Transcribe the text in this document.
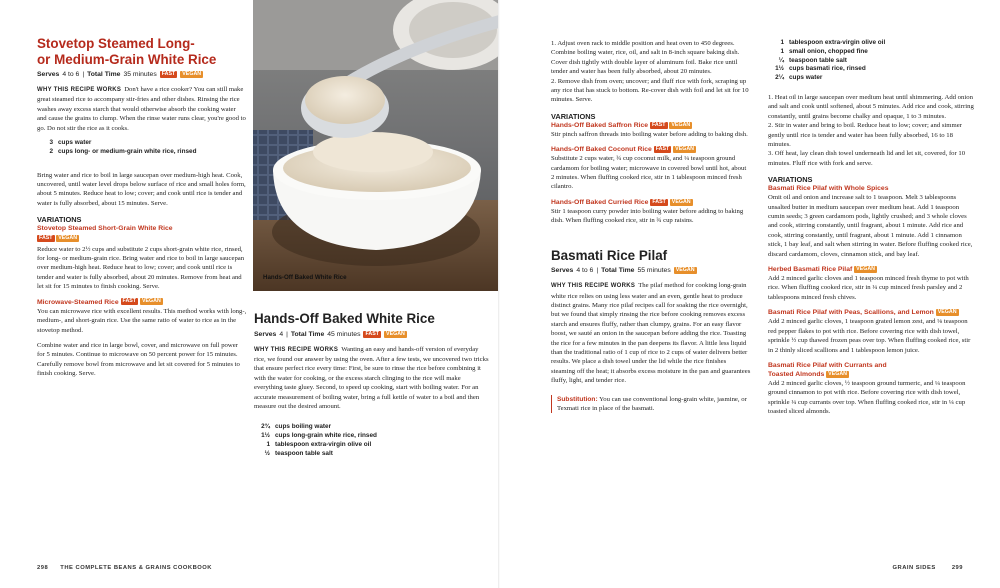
Stovetop Steamed Long-
or Medium-Grain White Rice
Serves 4 to 6 | Total Time 35 minutes FAST	VEGAN

WHY THIS RECIPE WORKS Don't have a rice cooker? You can still make great steamed rice to accompany stir-fries and other dishes. Rinsing the rice washes away excess starch that would otherwise absorb the cooking water and cause the grains to clump. When the rinse water runs clear, you're good to go. Do not stir the rice as it cooks.

3 cups water
2 cups long- or medium-grain white rice, rinsed

Bring water and rice to boil in large saucepan over medium-high heat. Cook, uncovered, until water level drops below surface of rice and small holes form, about 5 minutes. Reduce heat to low; cover; and cook until rice is tender and water is fully absorbed, about 15 minutes. Serve.

VARIATIONS
Stovetop Steamed Short-Grain White Rice
FAST VEGAN

Reduce water to 2½ cups and substitute 2 cups short-grain white rice, rinsed, for long- or medium-grain rice. Bring water and rice to boil in large saucepan over medium-high heat. Reduce heat to low; cover; and cook until rice is tender and water is fully absorbed, about 20 minutes. Remove from heat and let sit for 15 minutes to finish cooking. Serve.

Microwave-Steamed Rice FAST VEGAN

You can microwave rice with excellent results. This method works with long-, medium-, and short-grain rice. Use the same ratio of water to rice as in the stovetop method.

Combine water and rice in large bowl, cover, and microwave on full power for 5 minutes. Continue to microwave on 50 percent power for 15 minutes. Carefully remove bowl from microwave and let sit covered for 5 minutes to finish cooking. Serve.

Hands-Off Baked White Rice
Hands-Off Baked White Rice
Serves 4 | Total Time 45 minutes FAST	VEGAN

WHY THIS RECIPE WORKS Wanting an easy and hands-off version of everyday rice, we found our answer by using the oven. After a few tests, we uncovered two tricks that ensure perfect rice every time: First, be sure to rinse the rice before combining it with the water for cooking, or the excess starch clinging to the rice will make everything taste gluey. Second, to speed up cooking, start with boiling water. For an accurate measurement of boiling water, bring a full kettle of water to a boil and then measure out the desired amount.

2¾ cups boiling water
1½ cups long-grain white rice, rinsed
1 tablespoon extra-virgin olive oil
½ teaspoon table salt
298 THE COMPLETE BEANS & GRAINS COOKBOOK

1. Adjust oven rack to middle position and heat oven to 450 degrees. Combine boiling water, rice, oil, and salt in 8-inch square baking dish. Cover dish tightly with double layer of aluminum foil. Bake rice until tender and water has been fully absorbed, about 20 minutes.

2. Remove dish from oven; uncover; and fluff rice with fork, scraping up any rice that has stuck to bottom. Re-cover dish with foil and let sit for 10 minutes. Serve.

VARIATIONS
Hands-Off Baked Saffron Rice FAST VEGAN

Stir pinch saffron threads into boiling water before adding to baking dish.

Hands-Off Baked Coconut Rice FAST VEGAN

Substitute 2 cups water, ¾ cup coconut milk, and ¼ teaspoon ground cardamom for boiling water; microwave in covered bowl until hot, about 2 minutes. When fluffing cooked rice, stir in 1 tablespoon minced fresh cilantro.

Hands-Off Baked Curried Rice FAST VEGAN

Stir 1 teaspoon curry powder into boiling water before adding to baking dish. When fluffing cooked rice, stir in ¾ cup raisins.

Basmati Rice Pilaf
Serves 4 to 6 | Total Time 55 minutes VEGAN

WHY THIS RECIPE WORKS The pilaf method for cooking long-grain white rice relies on using less water and an even, gentle heat to produce distinct grains. Many rice pilaf recipes call for soaking the rice overnight, but we found that simply rinsing the rice before cooking removes excess starch and ensures fluffy, rather than clumpy, grains. For an easy flavor boost, we sauté an onion in the saucepan before adding the rice. Toasting the rice for a few minutes in the pan deepens its flavor. A little less liquid than the traditional ratio of 1 cup of rice to 2 cups of water delivers better results. We place a dish towel under the lid while the rice finishes steaming off the heat; it absorbs excess moisture in the pan and guarantees fluffy, light, and tender rice.

Substitution: You can use conventional long-grain white, jasmine, or Texmati rice in place of the basmati.

1 tablespoon extra-virgin olive oil
1 small onion, chopped fine
¼ teaspoon table salt
1½ cups basmati rice, rinsed
2¼ cups water

1. Heat oil in large saucepan over medium heat until shimmering. Add onion and salt and cook until softened, about 5 minutes. Add rice and cook, stirring constantly, until grains become chalky and opaque, 1 to 3 minutes.

2. Stir in water and bring to boil. Reduce heat to low; cover; and simmer gently until rice is tender and water has been fully absorbed, 16 to 18 minutes.

3. Off heat, lay clean dish towel underneath lid and let sit, covered, for 10 minutes. Fluff rice with fork and serve.

VARIATIONS
Basmati Rice Pilaf with Whole Spices

Omit oil and onion and increase salt to 1 teaspoon. Melt 3 tablespoons unsalted butter in medium saucepan over medium heat. Add 1 teaspoon cumin seeds; 3 green cardamom pods, lightly crushed; and 3 whole cloves and cook, stirring constantly, until fragrant, about 1 minute. Add rice and cook, stirring constantly, until fragrant, about 1 minute. Add 1 cinnamon stick, 1 bay leaf, and salt when stirring in water. Before fluffing cooked rice, discard cardamom, cloves, cinnamon stick, and bay leaf.

Herbed Basmati Rice Pilaf VEGAN

Add 2 minced garlic cloves and 1 teaspoon minced fresh thyme to pot with rice. When fluffing cooked rice, stir in ¼ cup minced fresh parsley and 2 tablespoons minced fresh chives.

Basmati Rice Pilaf with Peas, Scallions, and Lemon VEGAN

Add 2 minced garlic cloves, 1 teaspoon grated lemon zest, and ⅛ teaspoon red pepper flakes to pot with rice. Before covering rice with dish towel, sprinkle ½ cup thawed frozen peas over top. When fluffing cooked rice, stir in 2 thinly sliced scallions and 1 tablespoon lemon juice.

Basmati Rice Pilaf with Currants and
Toasted Almonds VEGAN

Add 2 minced garlic cloves, ½ teaspoon ground turmeric, and ¼ teaspoon ground cinnamon to pot with rice. Before covering rice with dish towel, sprinkle ¼ cup currants over top. When fluffing cooked rice, stir in ¼ cup toasted sliced almonds.

GRAIN SIDES	299
